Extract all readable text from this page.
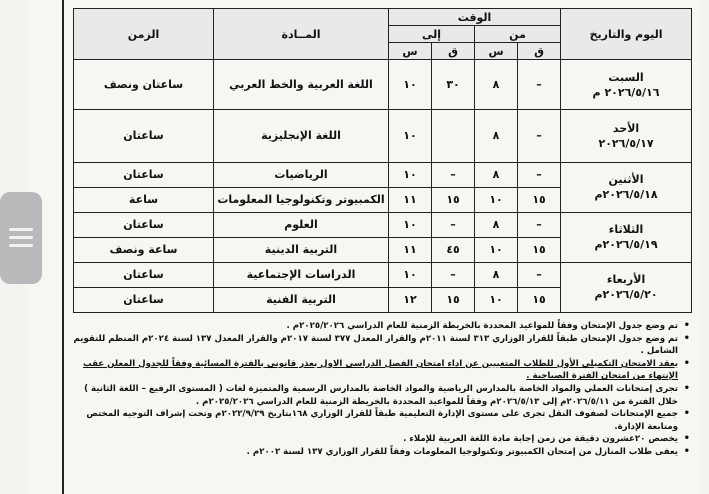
اليوم والتاريخ	الوقت				المــادة	الزمن
	من		إلى			
	ق	س	ق	س		

السبت
٢٠٢٦/٥/١٦ م	–	٨	٣٠	١٠	اللغة العربية والخط العربي	ساعتان ونصف

الأحد
٢٠٢٦/٥/١٧	–	٨		١٠	اللغة الإنجليزية	ساعتان

الأثنين
٢٠٢٦/٥/١٨م	–	٨	–	١٠	الرياضيات	ساعتان
	١٥	١٠	١٥	١١	الكمبيوتر وتكنولوجيا المعلومات	ساعة

الثلاثاء
٢٠٢٦/٥/١٩م	–	٨	–	١٠	العلوم	ساعتان
	١٥	١٠	٤٥	١١	التربية الدينية	ساعة ونصف

الأربعاء
٢٠٢٦/٥/٢٠م	–	٨	–	١٠	الدراسات الإجتماعية	ساعتان
	١٥	١٠	١٥	١٢	التربية الفنية	ساعتان
• تم وضع جدول الإمتحان وفقاً للمواعيد المحددة بالخريطة الزمنية للعام الدراسي ٢٠٢٥/٢٠٢٦م .
• تم وضع جدول الإمتحان طبقاً للقرار الوزاري ٣١٣ لسنة ٢٠١١م والقرار المعدل ٣٧٧ لسنة ٢٠١٧م والقرار المعدل ١٣٧ لسنة ٢٠٢٤م المنظم للتقويم الشامل .
• يعقد الامتحان التكميلي الأول للطلاب المتغيبين عن اداء امتحان الفصل الدراسي الاول بعذر قانوني بالفترة المسائية وفقاً للجدول المعلن عقب الإنتهاء من امتحان الفترة الصباحية .
• تجرى إمتحانات العملي والمواد الخاصة بالمدارس الرياضية والمواد الخاصة بالمدارس الرسمية والمتميزة لغات ( المستوى الرفيع – اللغة الثانية ) خلال الفترة من ٢٠٢٦/٥/١١م إلى ٢٠٢٦/٥/١٣م وفقاً للمواعيد المحددة بالخريطة الزمنية للعام الدراسي ٢٠٢٥/٢٠٢٦م .
• جميع الإمتحانات لصفوف النقل تجرى على مستوى الإدارة التعليمية طبقاً للقرار الوزاري ١٦٨بتاريخ ٢٠٢٢/٩/٢٩م وتحت إشراف التوجيه المختص ومتابعة الإدارة.
• يخصص ٢٠عشرون دقيقة من زمن إجابة مادة اللغة العربية للإملاء .
• يعفى طلاب المنازل من إمتحان الكمبيوتر وتكنولوجيا المعلومات وفقاً للقرار الوزاري ١٣٧ لسنة ٢٠٠٢م .
